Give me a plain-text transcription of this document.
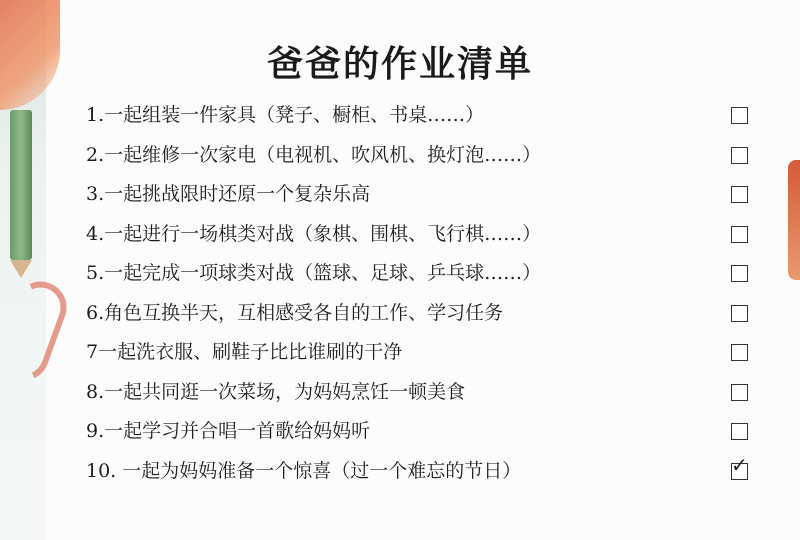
爸爸的作业清单
1.一起组装一件家具（凳子、橱柜、书桌……）
2.一起维修一次家电（电视机、吹风机、换灯泡……）
3.一起挑战限时还原一个复杂乐高
4.一起进行一场棋类对战（象棋、围棋、飞行棋……）
5.一起完成一项球类对战（篮球、足球、乒乓球……）
6.角色互换半天，互相感受各自的工作、学习任务
7一起洗衣服、刷鞋子比比谁刷的干净
8.一起共同逛一次菜场，为妈妈烹饪一顿美食
9.一起学习并合唱一首歌给妈妈听
10. 一起为妈妈准备一个惊喜（过一个难忘的节日）	✓
